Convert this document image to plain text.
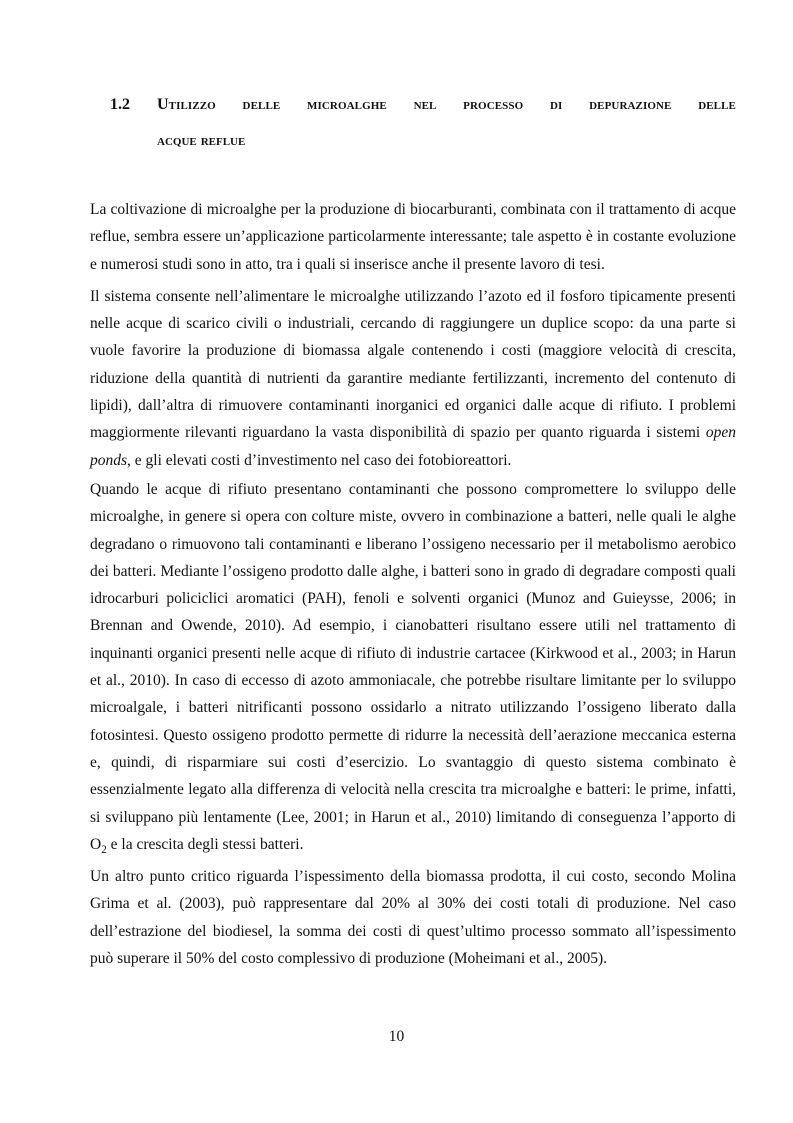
1.2 Utilizzo delle microalghe nel processo di depurazione delle
acque reflue

La coltivazione di microalghe per la produzione di biocarburanti, combinata con il trattamento di acque reflue, sembra essere un’applicazione particolarmente interessante; tale aspetto è in costante evoluzione e numerosi studi sono in atto, tra i quali si inserisce anche il presente lavoro di tesi.

Il sistema consente nell’alimentare le microalghe utilizzando l’azoto ed il fosforo tipicamente presenti nelle acque di scarico civili o industriali, cercando di raggiungere un duplice scopo: da una parte si vuole favorire la produzione di biomassa algale contenendo i costi (maggiore velocità di crescita, riduzione della quantità di nutrienti da garantire mediante fertilizzanti, incremento del contenuto di lipidi), dall’altra di rimuovere contaminanti inorganici ed organici dalle acque di rifiuto. I problemi maggiormente rilevanti riguardano la vasta disponibilità di spazio per quanto riguarda i sistemi open ponds, e gli elevati costi d’investimento nel caso dei fotobioreattori.

Quando le acque di rifiuto presentano contaminanti che possono compromettere lo sviluppo delle microalghe, in genere si opera con colture miste, ovvero in combinazione a batteri, nelle quali le alghe degradano o rimuovono tali contaminanti e liberano l’ossigeno necessario per il metabolismo aerobico dei batteri. Mediante l’ossigeno prodotto dalle alghe, i batteri sono in grado di degradare composti quali idrocarburi policiclici aromatici (PAH), fenoli e solventi organici (Munoz and Guieysse, 2006; in Brennan and Owende, 2010). Ad esempio, i cianobatteri risultano essere utili nel trattamento di inquinanti organici presenti nelle acque di rifiuto di industrie cartacee (Kirkwood et al., 2003; in Harun et al., 2010). In caso di eccesso di azoto ammoniacale, che potrebbe risultare limitante per lo sviluppo microalgale, i batteri nitrificanti possono ossidarlo a nitrato utilizzando l’ossigeno liberato dalla fotosintesi. Questo ossigeno prodotto permette di ridurre la necessità dell’aerazione meccanica esterna e, quindi, di risparmiare sui costi d’esercizio. Lo svantaggio di questo sistema combinato è essenzialmente legato alla differenza di velocità nella crescita tra microalghe e batteri: le prime, infatti, si sviluppano più lentamente (Lee, 2001; in Harun et al., 2010) limitando di conseguenza l’apporto di $O_2$ e la crescita degli stessi batteri.

Un altro punto critico riguarda l’ispessimento della biomassa prodotta, il cui costo, secondo Molina Grima et al. (2003), può rappresentare dal 20% al 30% dei costi totali di produzione. Nel caso dell’estrazione del biodiesel, la somma dei costi di quest’ultimo processo sommato all’ispessimento può superare il 50% del costo complessivo di produzione (Moheimani et al., 2005).

10
